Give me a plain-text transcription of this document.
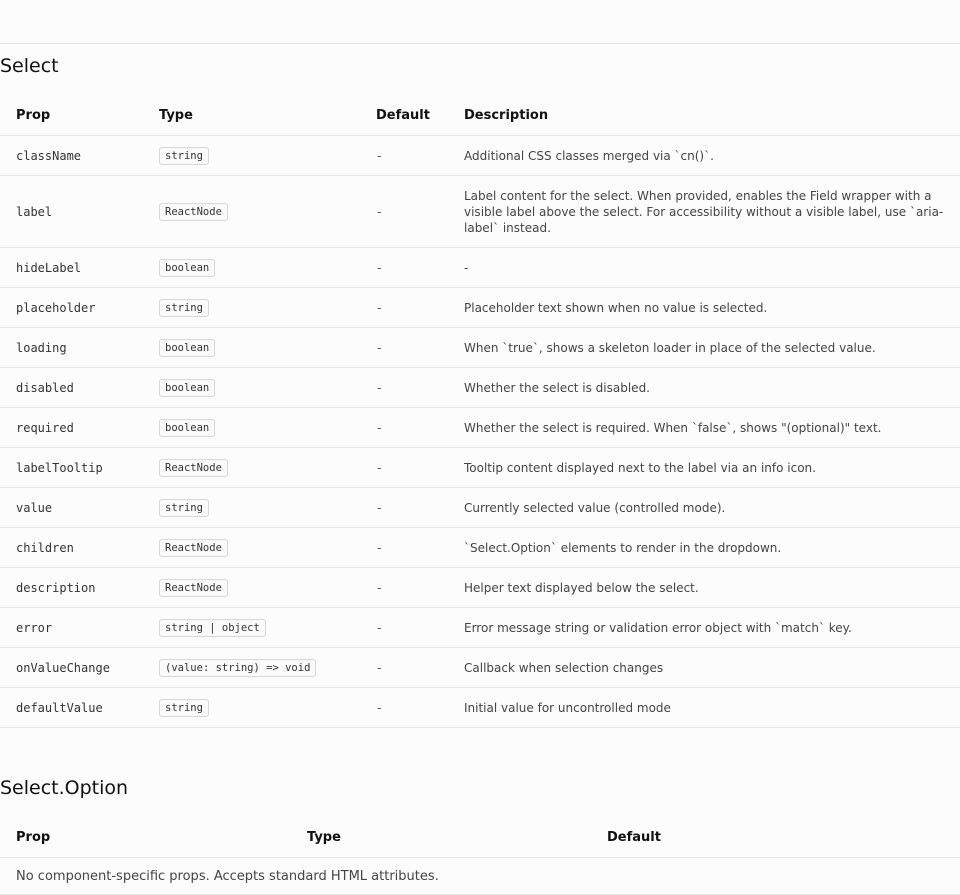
Select
Prop	Type	Default	Description
className	string	-	Additional CSS classes merged via `cn()`.
label	ReactNode	-	Label content for the select. When provided, enables the Field wrapper with a visible label above the select. For accessibility without a visible label, use `aria-label` instead.
hideLabel	boolean	-	-
placeholder	string	-	Placeholder text shown when no value is selected.
loading	boolean	-	When `true`, shows a skeleton loader in place of the selected value.
disabled	boolean	-	Whether the select is disabled.
required	boolean	-	Whether the select is required. When `false`, shows "(optional)" text.
labelTooltip	ReactNode	-	Tooltip content displayed next to the label via an info icon.
value	string	-	Currently selected value (controlled mode).
children	ReactNode	-	`Select.Option` elements to render in the dropdown.
description	ReactNode	-	Helper text displayed below the select.
error	string | object	-	Error message string or validation error object with `match` key.
onValueChange	(value: string) => void	-	Callback when selection changes
defaultValue	string	-	Initial value for uncontrolled mode
Select.Option
Prop	Type	Default
No component-specific props. Accepts standard HTML attributes.
